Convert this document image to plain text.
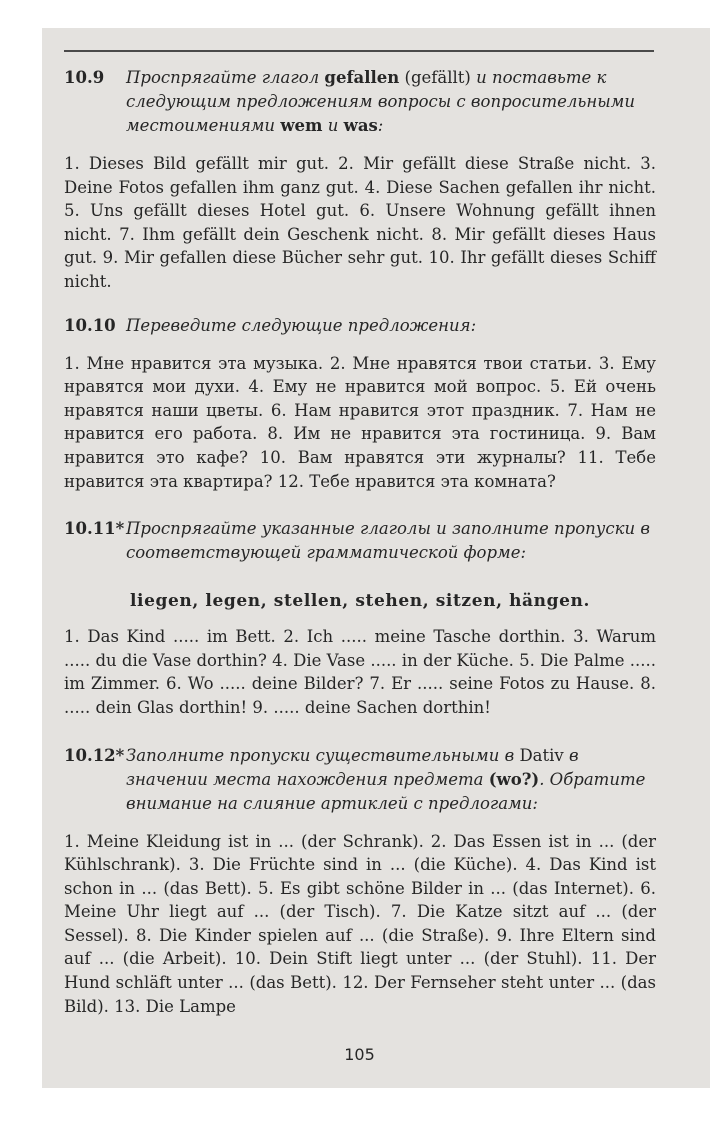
10.9 Проспрягайте глагол gefallen (gefällt) и поставьте к следующим предложениям вопросы с вопросительными местоимениями wem и was:
1. Dieses Bild gefällt mir gut. 2. Mir gefällt diese Straße nicht. 3. Deine Fotos gefallen ihm ganz gut. 4. Diese Sachen gefallen ihr nicht. 5. Uns gefällt dieses Hotel gut. 6. Unsere Wohnung gefällt ihnen nicht. 7. Ihm gefällt dein Geschenk nicht. 8. Mir gefällt dieses Haus gut. 9. Mir gefallen diese Bücher sehr gut. 10. Ihr gefällt dieses Schiff nicht.
10.10 Переведите следующие предложения:
1. Мне нравится эта музыка. 2. Мне нравятся твои статьи. 3. Ему нравятся мои духи. 4. Ему не нравится мой вопрос. 5. Ей очень нравятся наши цветы. 6. Нам нравится этот праздник. 7. Нам не нравится его работа. 8. Им не нравится эта гостиница. 9. Вам нравится это кафе? 10. Вам нравятся эти журналы? 11. Тебе нравится эта квартира? 12. Тебе нравится эта комната?
10.11* Проспрягайте указанные глаголы и заполните пропуски в соответствующей грамматической форме:
liegen, legen, stellen, stehen, sitzen, hängen.
1. Das Kind ..... im Bett. 2. Ich ..... meine Tasche dorthin. 3. Warum ..... du die Vase dorthin? 4. Die Vase ..... in der Küche. 5. Die Palme ..... im Zimmer. 6. Wo ..... deine Bilder? 7. Er ..... seine Fotos zu Hause. 8. ..... dein Glas dorthin! 9. ..... deine Sachen dorthin!
10.12* Заполните пропуски существительными в Dativ в значении места нахождения предмета (wo?). Обратите внимание на слияние артиклей с предлогами:
1. Meine Kleidung ist in ... (der Schrank). 2. Das Essen ist in ... (der Kühlschrank). 3. Die Früchte sind in ... (die Küche). 4. Das Kind ist schon in ... (das Bett). 5. Es gibt schöne Bilder in ... (das Internet). 6. Meine Uhr liegt auf ... (der Tisch). 7. Die Katze sitzt auf ... (der Sessel). 8. Die Kinder spielen auf ... (die Straße). 9. Ihre Eltern sind auf ... (die Arbeit). 10. Dein Stift liegt unter ... (der Stuhl). 11. Der Hund schläft unter ... (das Bett). 12. Der Fernseher steht unter ... (das Bild). 13. Die Lampe
105
